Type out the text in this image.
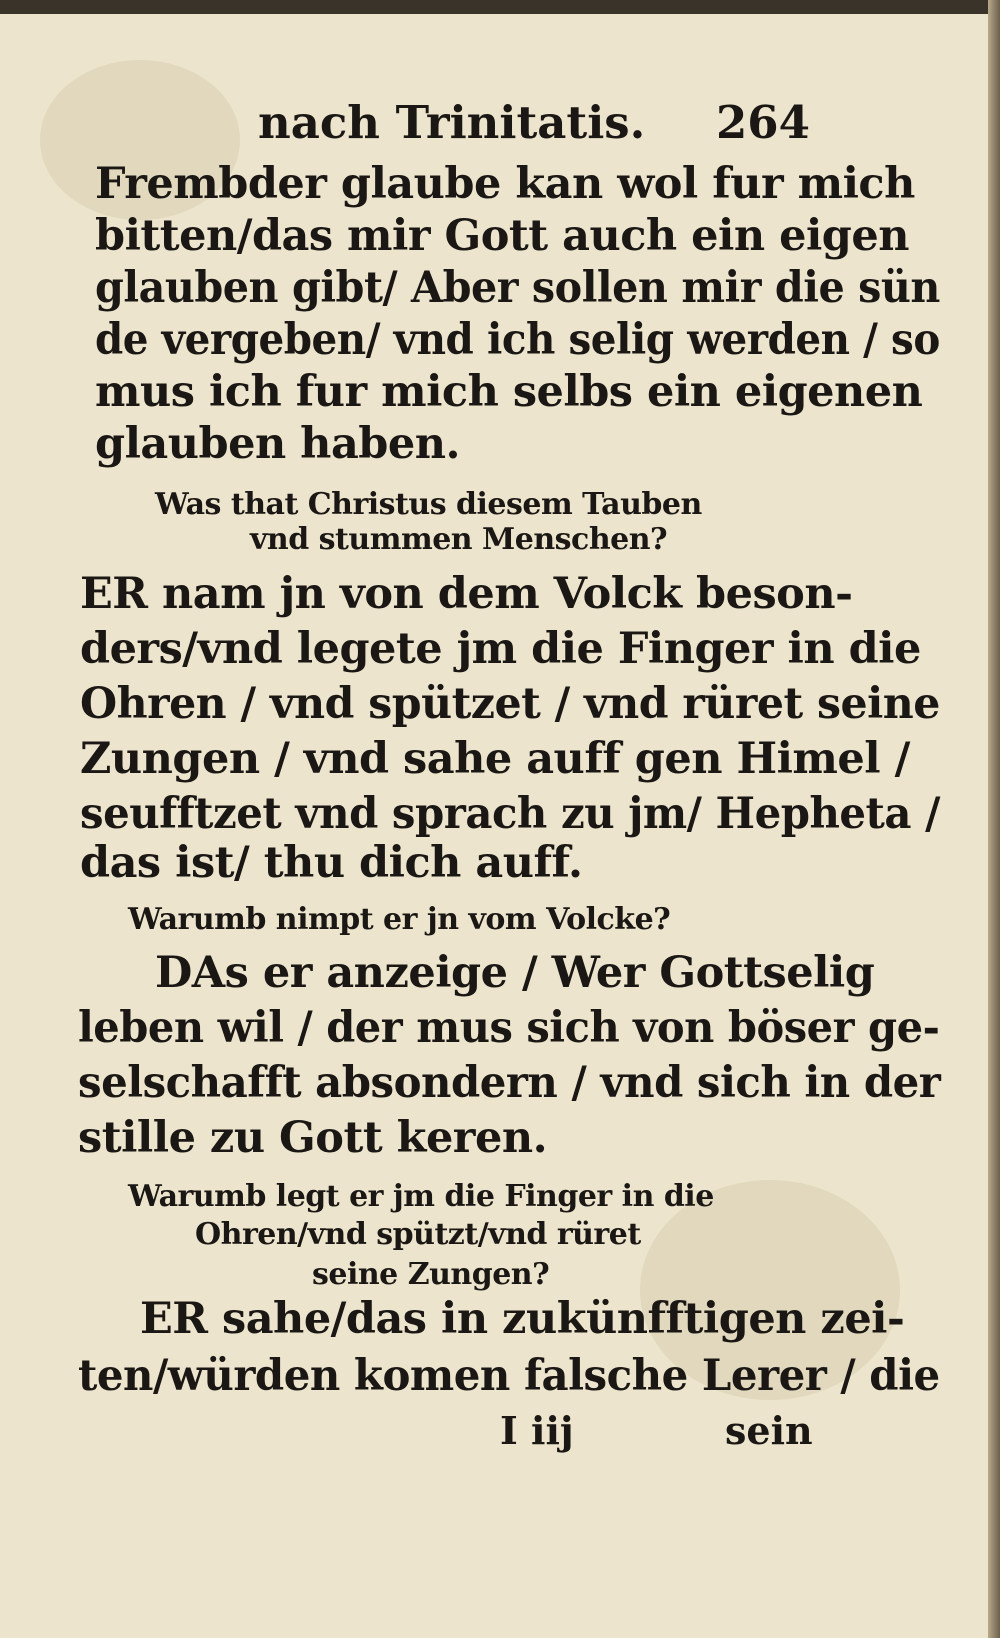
nach Trinitatis. 264
Frembder glaube kan wol fur mich
bitten/das mir Gott auch ein eigen
glauben gibt/ Aber sollen mir die sün
de vergeben/ vnd ich selig werden / so
mus ich fur mich selbs ein eigenen
glauben haben.
Was that Christus diesem Tauben
vnd stummen Menschen?
ER nam jn von dem Volck beson-
ders/vnd legete jm die Finger in die
Ohren / vnd spützet / vnd rüret seine
Zungen / vnd sahe auff gen Himel /
seufftzet vnd sprach zu jm/ Hepheta /
das ist/ thu dich auff.
Warumb nimpt er jn vom Volcke?
DAs er anzeige / Wer Gottselig
leben wil / der mus sich von böser ge-
selschafft absondern / vnd sich in der
stille zu Gott keren.
Warumb legt er jm die Finger in die
Ohren/vnd spützt/vnd rüret
seine Zungen?
ER sahe/das in zukünfftigen zei-
ten/würden komen falsche Lerer / die
I iij	sein
